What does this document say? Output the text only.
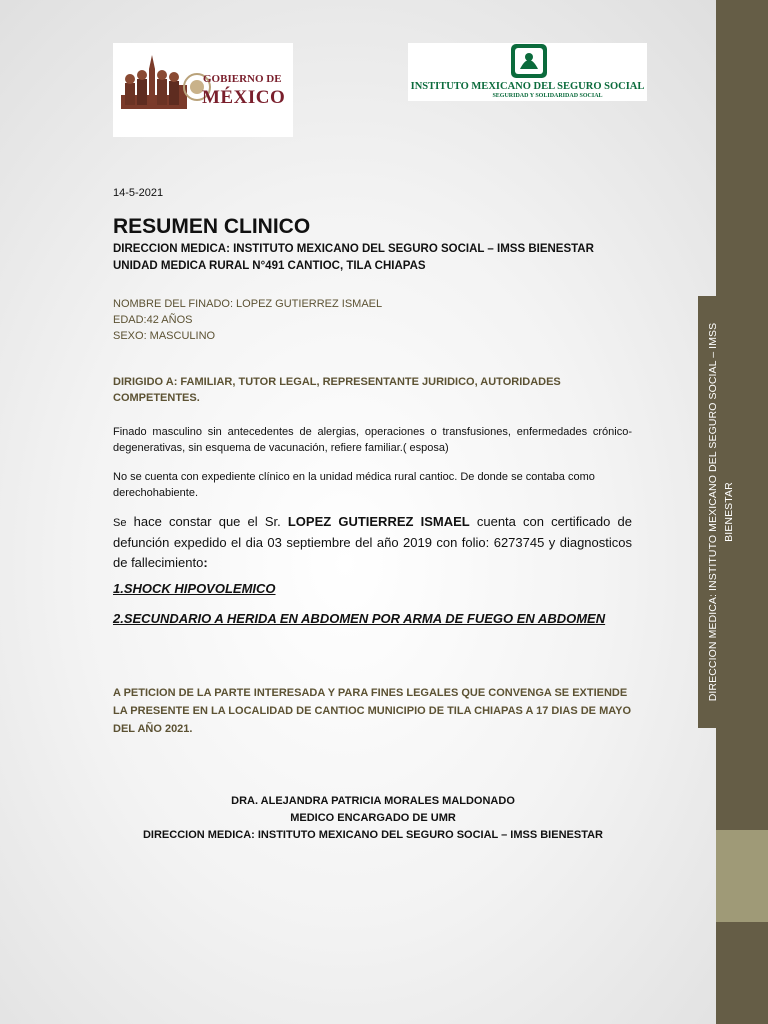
DIRECCION MEDICA: INSTITUTO MEXICANO DEL SEGURO SOCIAL – IMSS BIENESTAR
GOBIERNO DE
MÉXICO
INSTITUTO MEXICANO DEL SEGURO SOCIAL
SEGURIDAD Y SOLIDARIDAD SOCIAL
14-5-2021
RESUMEN CLINICO
DIRECCION MEDICA: INSTITUTO MEXICANO DEL SEGURO SOCIAL – IMSS BIENESTAR
UNIDAD MEDICA RURAL N°491 CANTIOC, TILA CHIAPAS
NOMBRE DEL FINADO: LOPEZ GUTIERREZ ISMAEL
EDAD:42 AÑOS
SEXO: MASCULINO
DIRIGIDO A: FAMILIAR, TUTOR LEGAL, REPRESENTANTE JURIDICO, AUTORIDADES COMPETENTES.
Finado masculino sin antecedentes de alergias, operaciones o transfusiones, enfermedades crónico-degenerativas, sin esquema de vacunación, refiere familiar.( esposa)
No se cuenta con expediente clínico en la unidad médica rural cantioc. De donde se contaba como derechohabiente.
Se hace constar que el Sr. LOPEZ GUTIERREZ ISMAEL cuenta con certificado de defunción expedido el dia 03 septiembre del año 2019 con folio: 6273745 y diagnosticos de fallecimiento:
1.SHOCK HIPOVOLEMICO
2.SECUNDARIO A HERIDA EN ABDOMEN POR ARMA DE FUEGO EN ABDOMEN
A PETICION DE LA PARTE INTERESADA Y PARA FINES LEGALES QUE CONVENGA SE EXTIENDE LA PRESENTE EN LA LOCALIDAD DE CANTIOC MUNICIPIO DE TILA CHIAPAS A 17 DIAS DE MAYO DEL AÑO 2021.
DRA. ALEJANDRA PATRICIA MORALES MALDONADO
MEDICO ENCARGADO DE UMR
DIRECCION MEDICA: INSTITUTO MEXICANO DEL SEGURO SOCIAL – IMSS BIENESTAR
